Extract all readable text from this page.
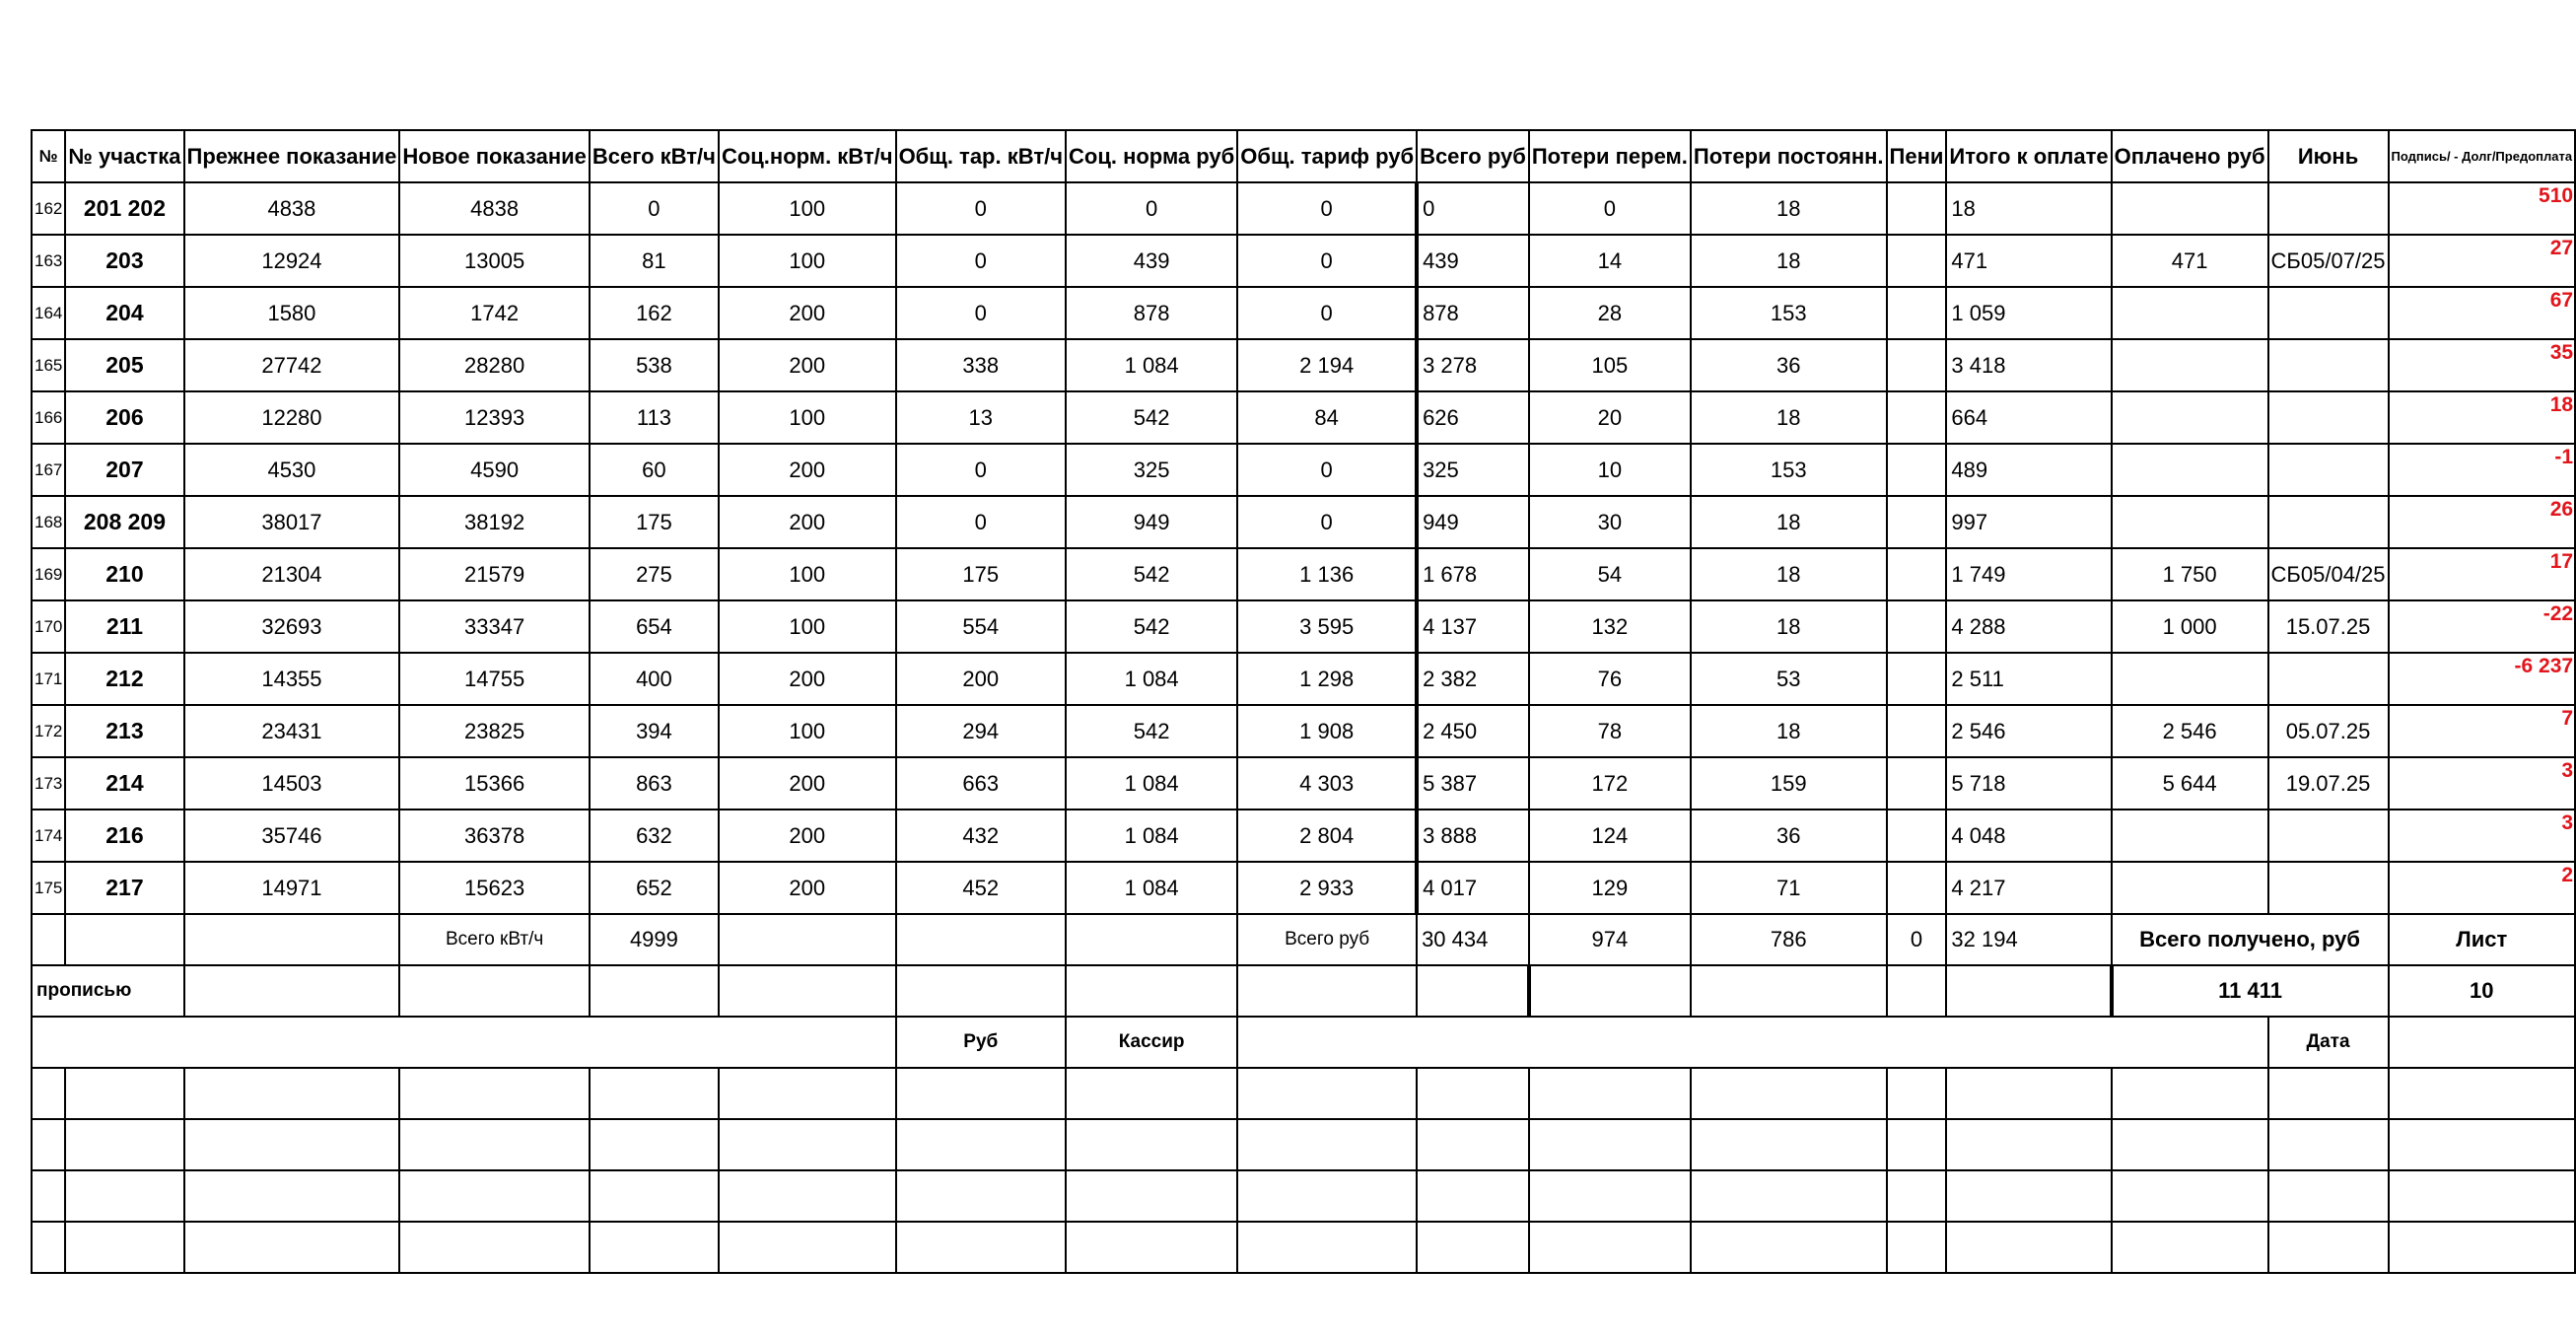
№	№ участка	Прежнее показание	Новое показание	Всего кВт/ч	Соц.норм. кВт/ч	Общ. тар. кВт/ч	Соц. норма руб	Общ. тариф руб	Всего руб	Потери перем.	Потери постоянн.	Пени	Итого к оплате	Оплачено руб	Июнь	Подпись/ - Долг/Предоплата
162	201 202	4838	4838	0	100	0	0	0	0	0	18		18			510
163	203	12924	13005	81	100	0	439	0	439	14	18		471	471	СБ05/07/25	27
164	204	1580	1742	162	200	0	878	0	878	28	153		1 059			67
165	205	27742	28280	538	200	338	1 084	2 194	3 278	105	36		3 418			35
166	206	12280	12393	113	100	13	542	84	626	20	18		664			18
167	207	4530	4590	60	200	0	325	0	325	10	153		489			-1
168	208 209	38017	38192	175	200	0	949	0	949	30	18		997			26
169	210	21304	21579	275	100	175	542	1 136	1 678	54	18		1 749	1 750	СБ05/04/25	17
170	211	32693	33347	654	100	554	542	3 595	4 137	132	18		4 288	1 000	15.07.25	-22
171	212	14355	14755	400	200	200	1 084	1 298	2 382	76	53		2 511			-6 237
172	213	23431	23825	394	100	294	542	1 908	2 450	78	18		2 546	2 546	05.07.25	7
173	214	14503	15366	863	200	663	1 084	4 303	5 387	172	159		5 718	5 644	19.07.25	3
174	216	35746	36378	632	200	432	1 084	2 804	3 888	124	36		4 048			3
175	217	14971	15623	652	200	452	1 084	2 933	4 017	129	71		4 217			2
			Всего кВт/ч	4999				Всего руб	30 434	974	786	0	32 194	Всего получено, руб		Лист
прописью														11 411		10
						Руб	Кассир								Дата	
